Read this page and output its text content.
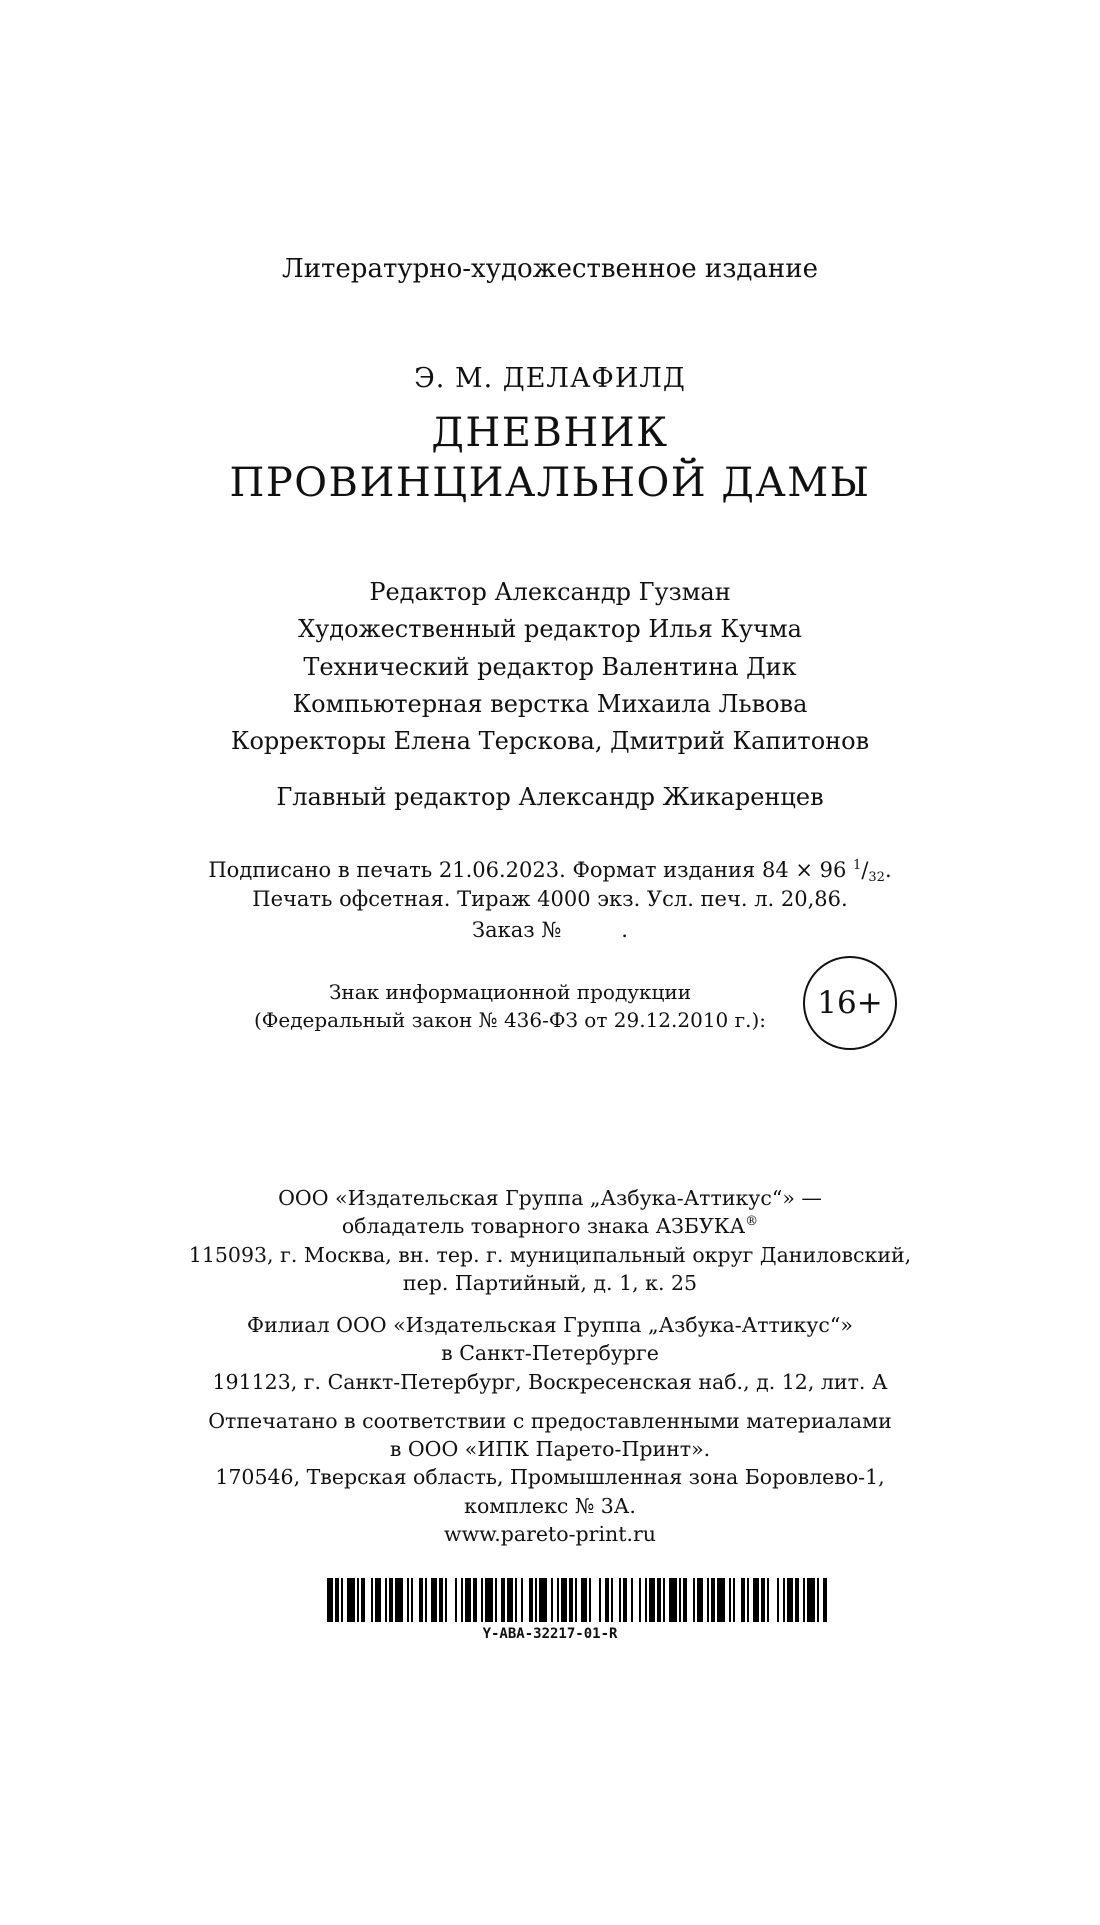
Литературно-художественное издание
Э. М. ДЕЛАФИЛД
ДНЕВНИК
ПРОВИНЦИАЛЬНОЙ ДАМЫ
Редактор Александр Гузман
Художественный редактор Илья Кучма
Технический редактор Валентина Дик
Компьютерная верстка Михаила Львова
Корректоры Елена Терскова, Дмитрий Капитонов
Главный редактор Александр Жикаренцев
Подписано в печать 21.06.2023. Формат издания 84 × 96 $^1/_{32}$.
Печать офсетная. Тираж 4000 экз. Усл. печ. л. 20,86.
Заказ №	.
Знак информационной продукции
(Федеральный закон № 436-ФЗ от 29.12.2010 г.): 16+
ООО «Издательская Группа „Азбука-Аттикус“» —
обладатель товарного знака АЗБУКА®
115093, г. Москва, вн. тер. г. муниципальный округ Даниловский,
пер. Партийный, д. 1, к. 25
Филиал ООО «Издательская Группа „Азбука-Аттикус“»
в Санкт-Петербурге
191123, г. Санкт-Петербург, Воскресенская наб., д. 12, лит. А
Отпечатано в соответствии с предоставленными материалами
в ООО «ИПК Парето-Принт».
170546, Тверская область, Промышленная зона Боровлево-1,
комплекс № 3А.
www.pareto-print.ru
Y-ABA-32217-01-R
